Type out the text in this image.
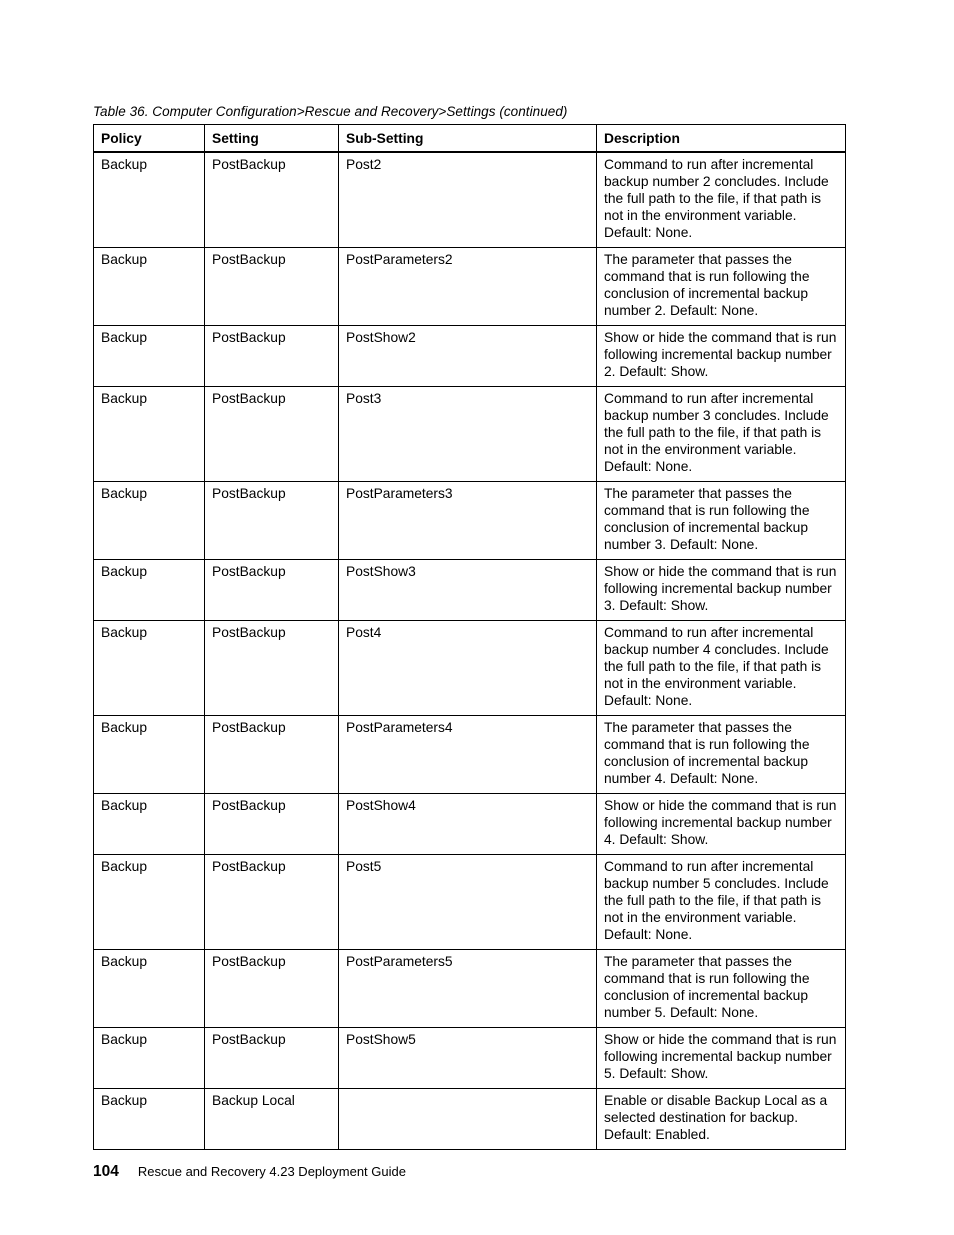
Table 36. Computer Configuration>Rescue and Recovery>Settings (continued)
Policy	Setting	Sub-Setting	Description
Backup	PostBackup	Post2	Command to run after incremental backup number 2 concludes. Include the full path to the file, if that path is not in the environment variable. Default: None.
Backup	PostBackup	PostParameters2	The parameter that passes the command that is run following the conclusion of incremental backup number 2. Default: None.
Backup	PostBackup	PostShow2	Show or hide the command that is run following incremental backup number 2. Default: Show.
Backup	PostBackup	Post3	Command to run after incremental backup number 3 concludes. Include the full path to the file, if that path is not in the environment variable. Default: None.
Backup	PostBackup	PostParameters3	The parameter that passes the command that is run following the conclusion of incremental backup number 3. Default: None.
Backup	PostBackup	PostShow3	Show or hide the command that is run following incremental backup number 3. Default: Show.
Backup	PostBackup	Post4	Command to run after incremental backup number 4 concludes. Include the full path to the file, if that path is not in the environment variable. Default: None.
Backup	PostBackup	PostParameters4	The parameter that passes the command that is run following the conclusion of incremental backup number 4. Default: None.
Backup	PostBackup	PostShow4	Show or hide the command that is run following incremental backup number 4. Default: Show.
Backup	PostBackup	Post5	Command to run after incremental backup number 5 concludes. Include the full path to the file, if that path is not in the environment variable. Default: None.
Backup	PostBackup	PostParameters5	The parameter that passes the command that is run following the conclusion of incremental backup number 5. Default: None.
Backup	PostBackup	PostShow5	Show or hide the command that is run following incremental backup number 5. Default: Show.
Backup	Backup Local		Enable or disable Backup Local as a selected destination for backup. Default: Enabled.
104 Rescue and Recovery 4.23 Deployment Guide
